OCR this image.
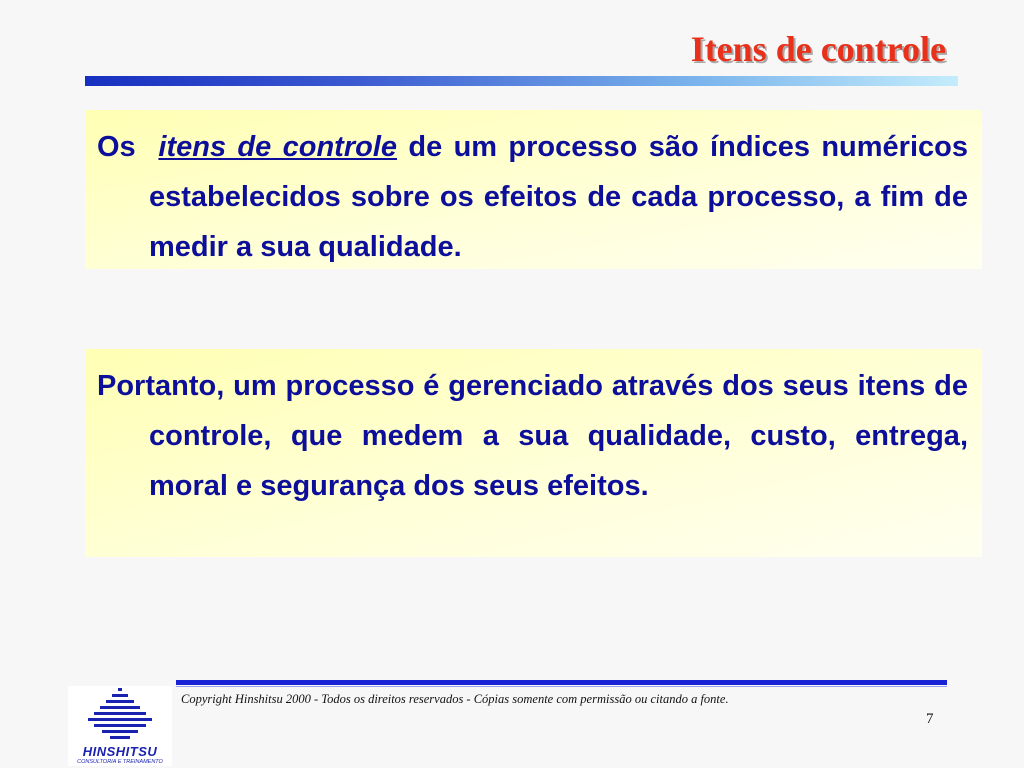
Itens de controle

Os itens de controle de um processo são índices numéricos estabelecidos sobre os efeitos de cada processo, a fim de medir a sua qualidade.

Portanto, um processo é gerenciado através dos seus itens de controle, que medem a sua qualidade, custo, entrega, moral e segurança dos seus efeitos.

HINSHITSU
CONSULTORIA E TREINAMENTO

Copyright Hinshitsu 2000 - Todos os direitos reservados - Cópias somente com permissão ou citando a fonte.

7
